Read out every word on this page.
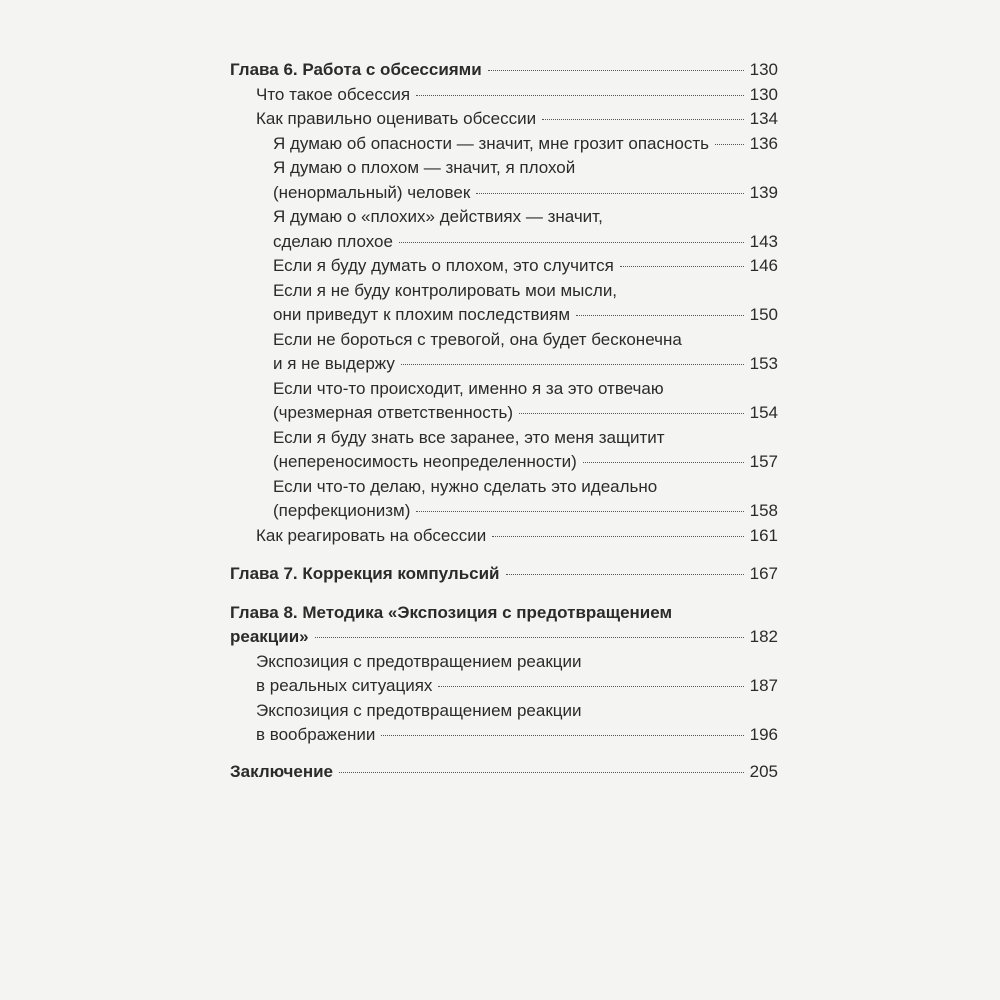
Глава 6. Работа с обсессиями	130
Что такое обсессия	130
Как правильно оценивать обсессии	134
Я думаю об опасности — значит, мне грозит опасность 136
Я думаю о плохом — значит, я плохой
(ненормальный) человек	139
Я думаю о «плохих» действиях — значит,
сделаю плохое	143
Если я буду думать о плохом, это случится	146
Если я не буду контролировать мои мысли,
они приведут к плохим последствиям	150
Если не бороться с тревогой, она будет бесконечна
и я не выдержу	153
Если что-то происходит, именно я за это отвечаю
(чрезмерная ответственность)	154
Если я буду знать все заранее, это меня защитит
(непереносимость неопределенности)	157
Если что-то делаю, нужно сделать это идеально
(перфекционизм)	158
Как реагировать на обсессии	161
Глава 7. Коррекция компульсий	167
Глава 8. Методика «Экспозиция с предотвращением
реакции»	182
Экспозиция с предотвращением реакции
в реальных ситуациях	187
Экспозиция с предотвращением реакции
в воображении	196
Заключение	205
